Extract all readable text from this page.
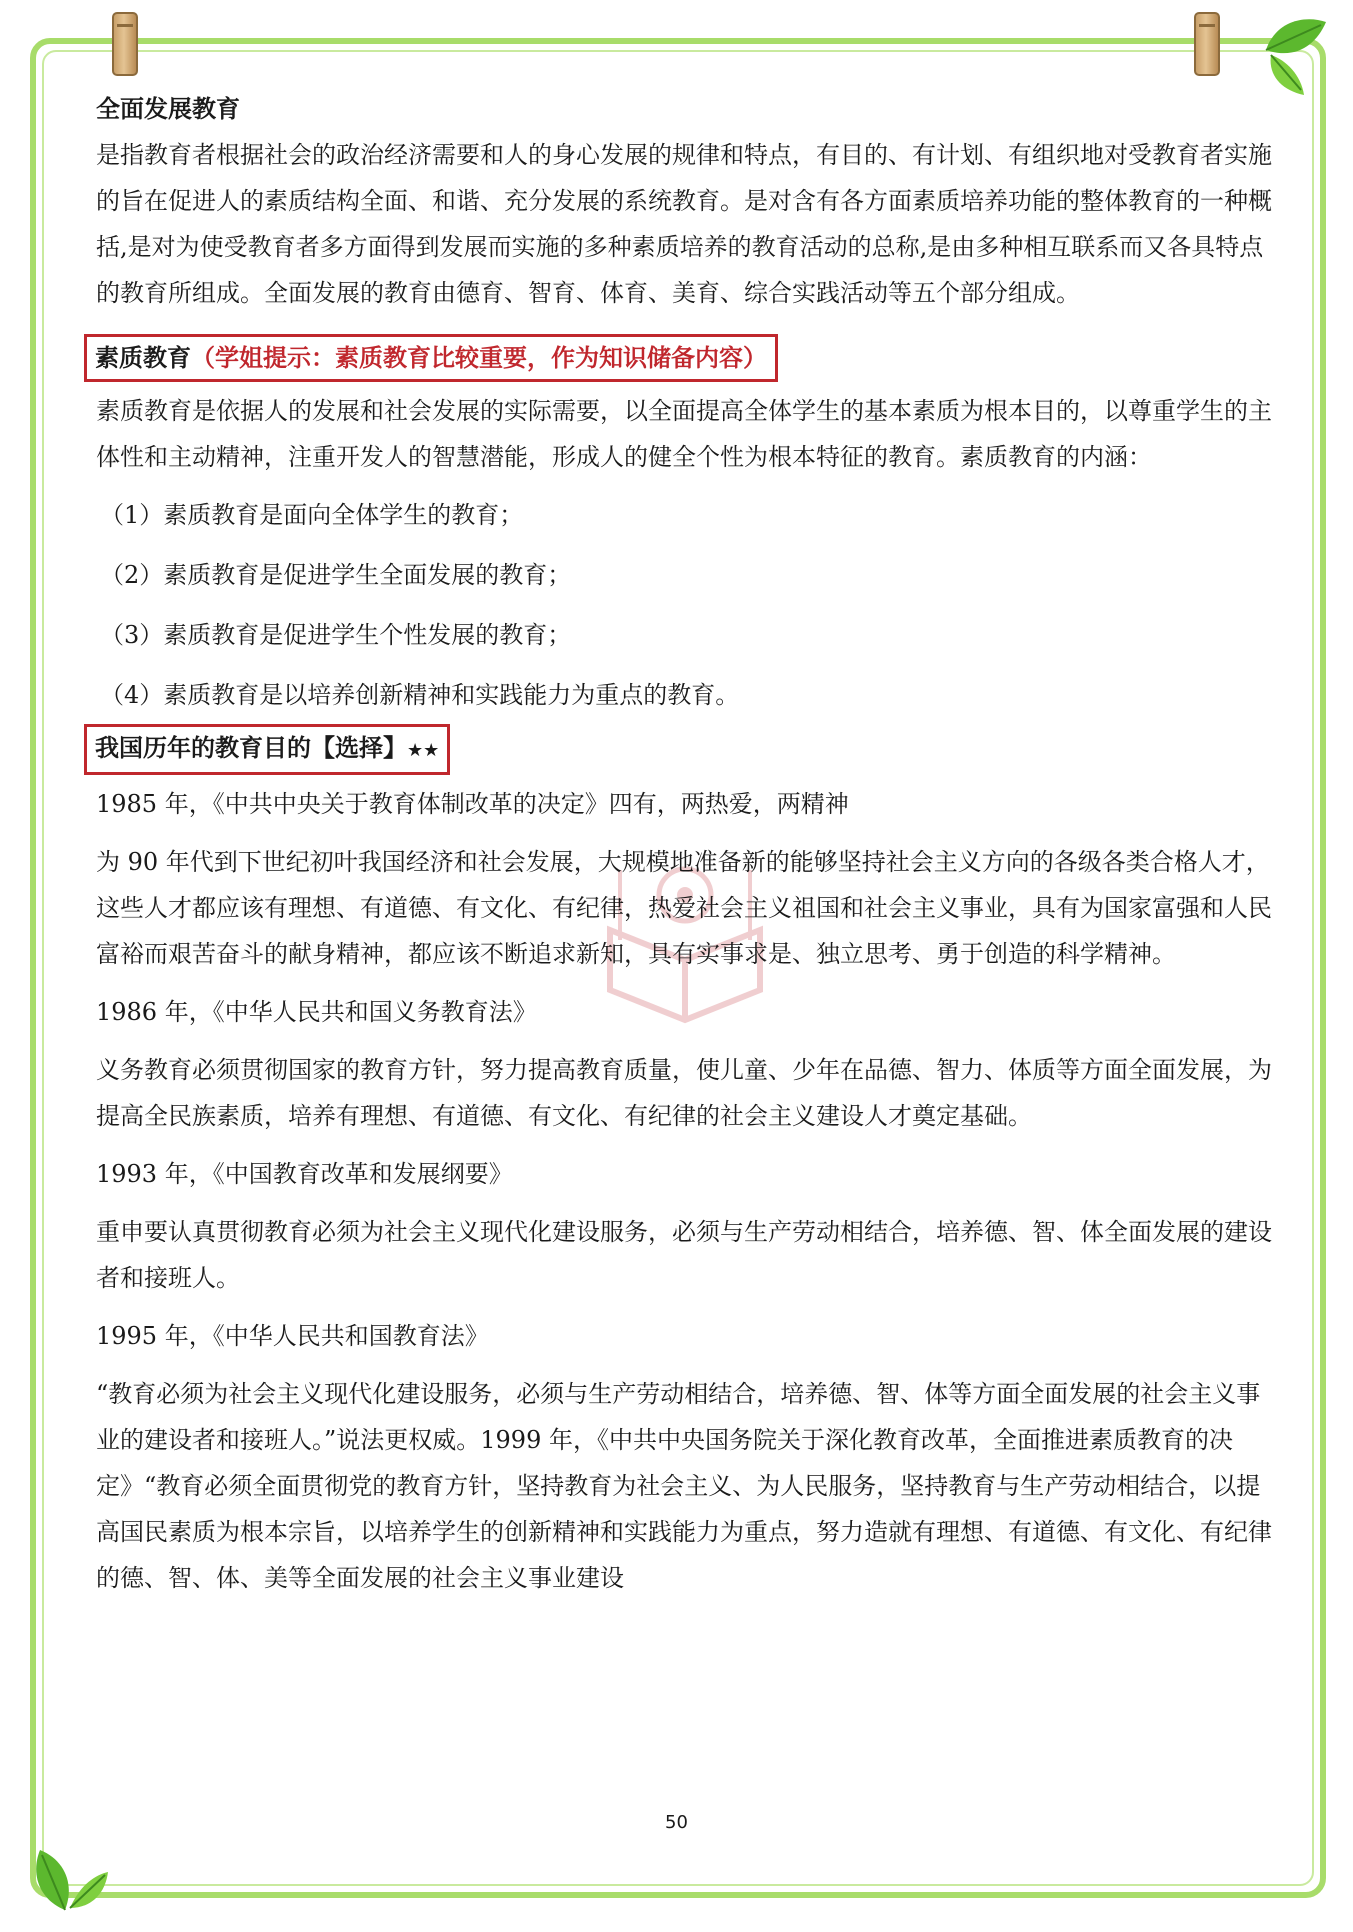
全面发展教育

是指教育者根据社会的政治经济需要和人的身心发展的规律和特点，有目的、有计划、有组织地对受教育者实施的旨在促进人的素质结构全面、和谐、充分发展的系统教育。是对含有各方面素质培养功能的整体教育的一种概括,是对为使受教育者多方面得到发展而实施的多种素质培养的教育活动的总称,是由多种相互联系而又各具特点的教育所组成。全面发展的教育由德育、智育、体育、美育、综合实践活动等五个部分组成。

素质教育（学姐提示：素质教育比较重要，作为知识储备内容）

素质教育是依据人的发展和社会发展的实际需要，以全面提高全体学生的基本素质为根本目的，以尊重学生的主体性和主动精神，注重开发人的智慧潜能，形成人的健全个性为根本特征的教育。素质教育的内涵：

（1）素质教育是面向全体学生的教育；

（2）素质教育是促进学生全面发展的教育；

（3）素质教育是促进学生个性发展的教育；

（4）素质教育是以培养创新精神和实践能力为重点的教育。

我国历年的教育目的【选择】★★

1985 年，《中共中央关于教育体制改革的决定》四有，两热爱，两精神

为 90 年代到下世纪初叶我国经济和社会发展，大规模地准备新的能够坚持社会主义方向的各级各类合格人才，这些人才都应该有理想、有道德、有文化、有纪律，热爱社会主义祖国和社会主义事业，具有为国家富强和人民富裕而艰苦奋斗的献身精神，都应该不断追求新知，具有实事求是、独立思考、勇于创造的科学精神。

1986 年，《中华人民共和国义务教育法》

义务教育必须贯彻国家的教育方针，努力提高教育质量，使儿童、少年在品德、智力、体质等方面全面发展，为提高全民族素质，培养有理想、有道德、有文化、有纪律的社会主义建设人才奠定基础。

1993 年，《中国教育改革和发展纲要》

重申要认真贯彻教育必须为社会主义现代化建设服务，必须与生产劳动相结合，培养德、智、体全面发展的建设者和接班人。

1995 年，《中华人民共和国教育法》

“教育必须为社会主义现代化建设服务，必须与生产劳动相结合，培养德、智、体等方面全面发展的社会主义事业的建设者和接班人。”说法更权威。1999 年，《中共中央国务院关于深化教育改革，全面推进素质教育的决定》“教育必须全面贯彻党的教育方针，坚持教育为社会主义、为人民服务，坚持教育与生产劳动相结合，以提高国民素质为根本宗旨，以培养学生的创新精神和实践能力为重点，努力造就有理想、有道德、有文化、有纪律的德、智、体、美等全面发展的社会主义事业建设

50
